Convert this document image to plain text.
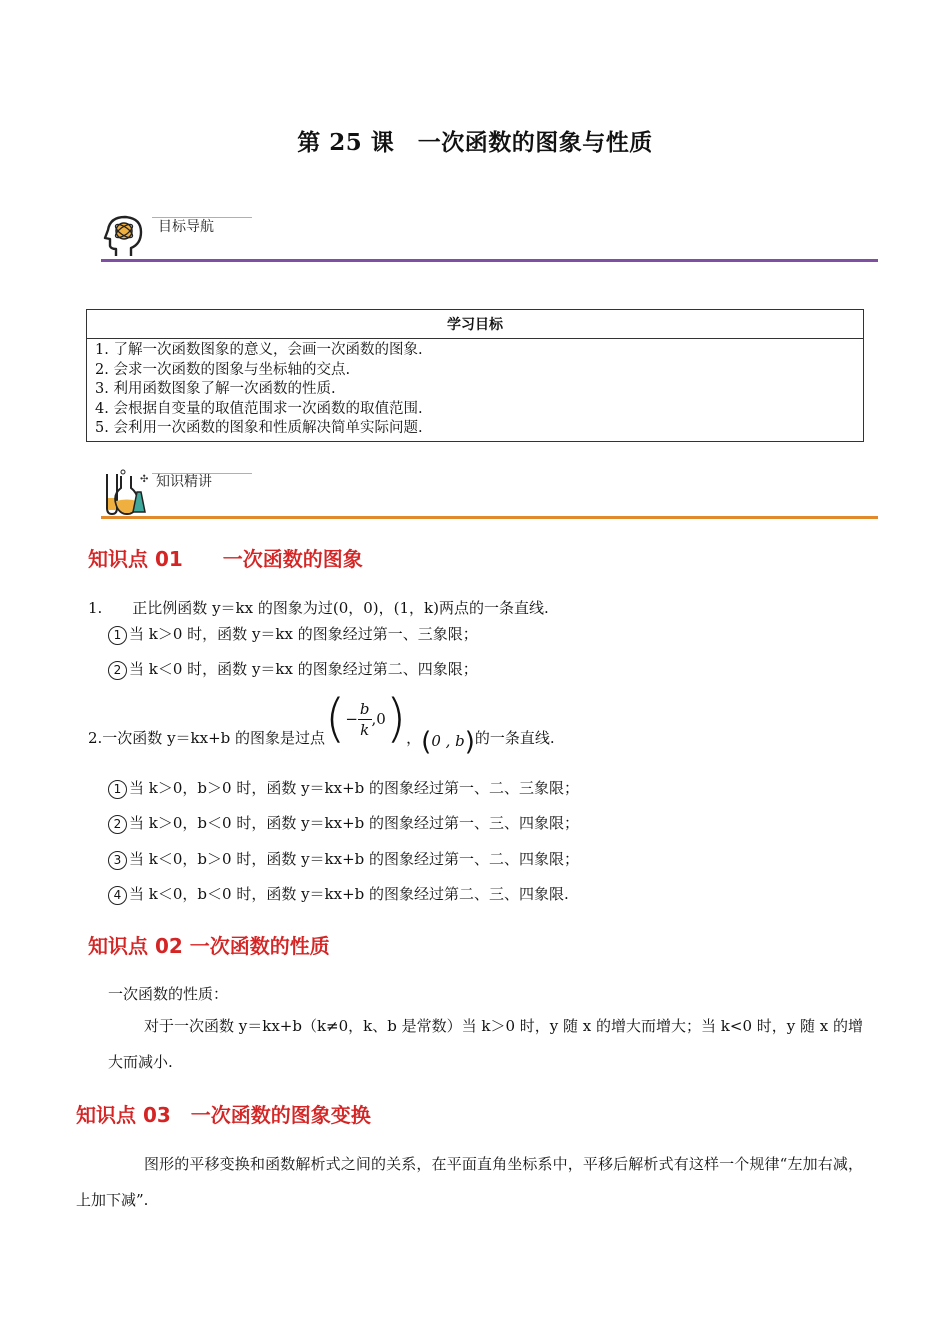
第 25 课　一次函数的图象与性质
目标导航
学习目标

1. 了解一次函数图象的意义，会画一次函数的图象.
2. 会求一次函数的图象与坐标轴的交点.
3. 利用函数图象了解一次函数的性质.
4. 会根据自变量的取值范围求一次函数的取值范围.
5. 会利用一次函数的图象和性质解决简单实际问题.
✣ 知识精讲
知识点 01　　一次函数的图象
1.　　正比例函数 y＝kx 的图象为过(0，0)，(1，k)两点的一条直线.
1 当 k＞0 时，函数 y＝kx 的图象经过第一、三象限；
2 当 k＜0 时，函数 y＝kx 的图象经过第二、四象限；
2.一次函数 y＝kx+b 的图象是过点 ( − $\frac{b}{k} ,0$ ) ， (0 , b) 的一条直线.
1 当 k＞0，b＞0 时，函数 y＝kx+b 的图象经过第一、二、三象限；
2 当 k＞0，b＜0 时，函数 y＝kx+b 的图象经过第一、三、四象限；
3 当 k＜0，b＞0 时，函数 y＝kx+b 的图象经过第一、二、四象限；
4 当 k＜0，b＜0 时，函数 y＝kx+b 的图象经过第二、三、四象限.
知识点 02 一次函数的性质
一次函数的性质：
对于一次函数 y＝kx+b（k≠0，k、b 是常数）当 k＞0 时，y 随 x 的增大而增大；当 k<0 时，y 随 x 的增大而减小.
知识点 03　一次函数的图象变换
图形的平移变换和函数解析式之间的关系，在平面直角坐标系中，平移后解析式有这样一个规律“左加右减，上加下减”.
